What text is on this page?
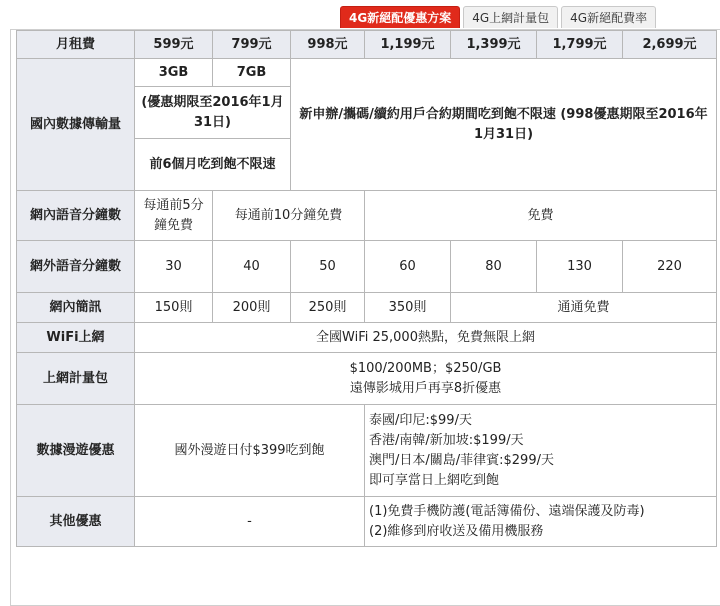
4G新絕配優惠方案	4G上網計量包	4G新絕配費率
月租費	599元	799元	998元	1,199元	1,399元	1,799元	2,699元
國內數據傳輸量	3GB	7GB	新申辦/攜碼/續約用戶合約期間吃到飽不限速 (998優惠期限至2016年1月31日)				
	(優惠期限至2016年1月31日)						
	前6個月吃到飽不限速						
網內語音分鐘數	每通前5分鐘免費	每通前10分鐘免費		免費			
網外語音分鐘數	30	40	50	60	80	130	220
網內簡訊	150則	200則	250則	350則	通通免費		
WiFi上網	全國WiFi 25,000熱點，免費無限上網						
上網計量包	$100/200MB；$250/GB
遠傳影城用戶再享8折優惠						

數據漫遊優惠	國外漫遊日付$399吃到飽			泰國/印尼:$99/天
香港/南韓/新加坡:$199/天
澳門/日本/關島/菲律賓:$299/天
即可享當日上網吃到飽			

其他優惠	-			(1)免費手機防護(電話簿備份、遠端保護及防毒)
(2)維修到府收送及備用機服務			
